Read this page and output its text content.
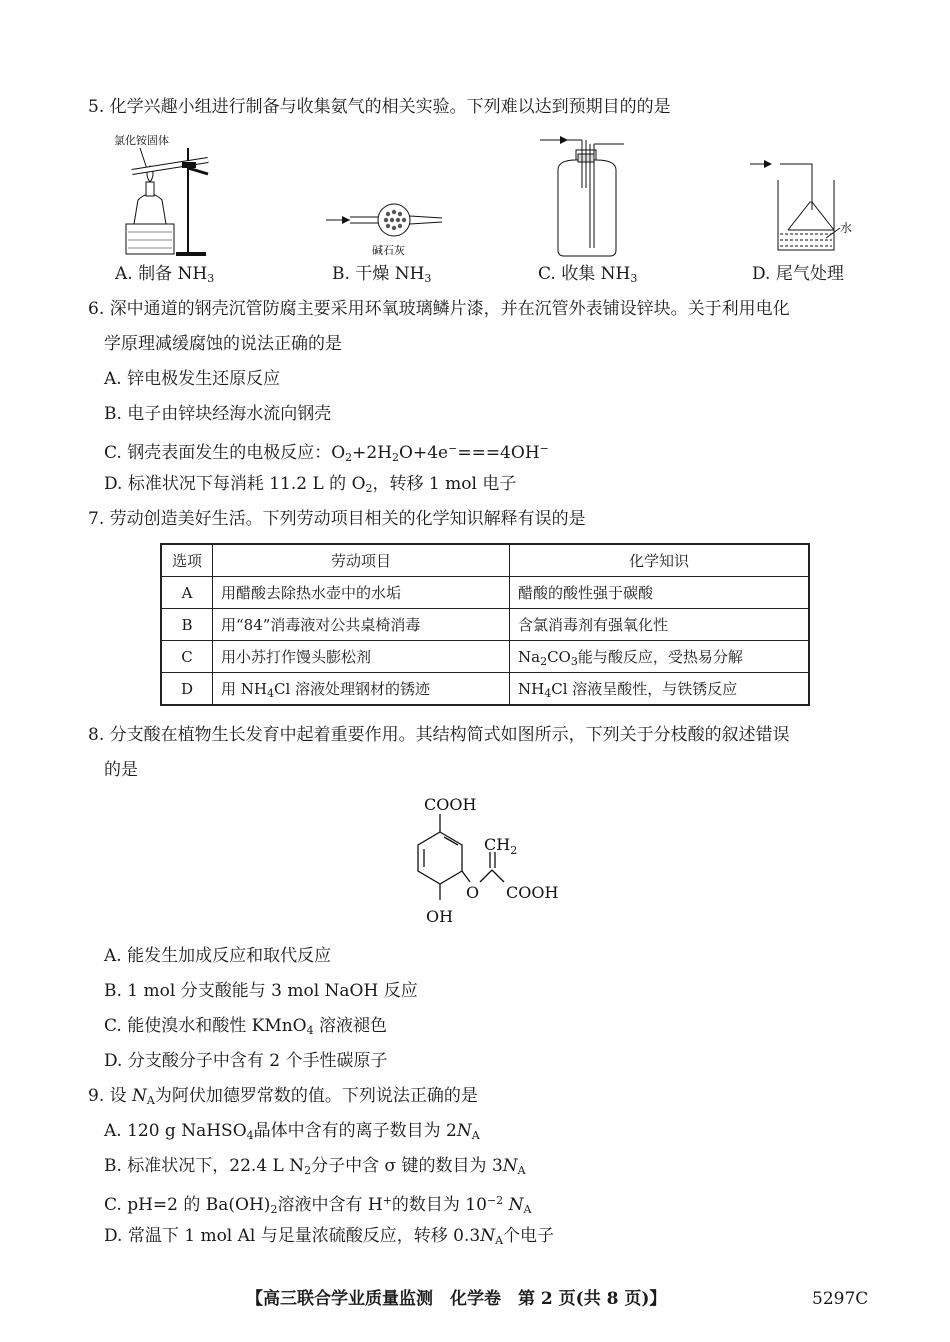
5. 化学兴趣小组进行制备与收集氨气的相关实验。下列难以达到预期目的的是
氯化铵固体
碱石灰
水
A. 制备 $NH_3$	B. 干燥 $NH_3$	C. 收集 $NH_3$	D. 尾气处理
6. 深中通道的钢壳沉管防腐主要采用环氧玻璃鳞片漆，并在沉管外表铺设锌块。关于利用电化
学原理减缓腐蚀的说法正确的是
A. 锌电极发生还原反应
B. 电子由锌块经海水流向钢壳
C. 钢壳表面发生的电极反应：$O_2+2H_2O+4e^-===4OH^-$
D. 标准状况下每消耗 11.2 L 的 $O_2$，转移 1 mol 电子
7. 劳动创造美好生活。下列劳动项目相关的化学知识解释有误的是
选项	劳动项目	化学知识
A	用醋酸去除热水壶中的水垢	醋酸的酸性强于碳酸
B	用“84”消毒液对公共桌椅消毒	含氯消毒剂有强氧化性
C	用小苏打作馒头膨松剂	$Na_2CO_3$能与酸反应，受热易分解
D	用 $NH_4Cl$ 溶液处理钢材的锈迹	$NH_4Cl$ 溶液呈酸性，与铁锈反应
8. 分支酸在植物生长发育中起着重要作用。其结构简式如图所示，下列关于分枝酸的叙述错误
的是
COOH
$CH_2$
O COOH
OH
A. 能发生加成反应和取代反应
B. 1 mol 分支酸能与 3 mol NaOH 反应
C. 能使溴水和酸性 KMnO$_4$ 溶液褪色
D. 分支酸分子中含有 2 个手性碳原子
9. 设 $N_A$为阿伏加德罗常数的值。下列说法正确的是
A. 120 g NaHSO$_4$晶体中含有的离子数目为 $2N_A$
B. 标准状况下，22.4 L $N_2$分子中含 σ 键的数目为 $3N_A$
C. pH=2 的 $Ba(OH)_2$溶液中含有 H+的数目为 $10^{-2}$ $N_A$
D. 常温下 1 mol Al 与足量浓硫酸反应，转移 $0.3N_A$个电子
【高三联合学业质量监测　化学卷　第 2 页(共 8 页)】	5297C
